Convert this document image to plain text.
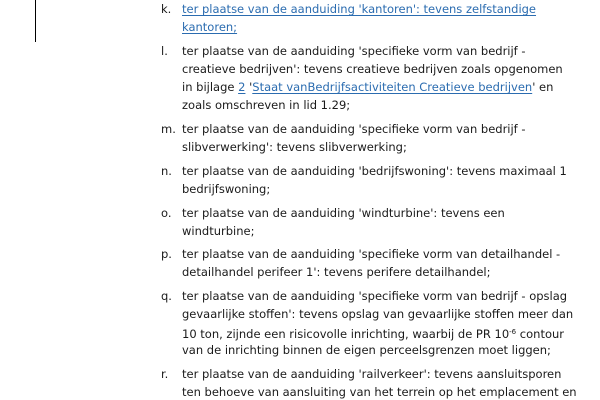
k. ter plaatse van de aanduiding 'kantoren': tevens zelfstandige
kantoren;
l. ter plaatse van de aanduiding 'specifieke vorm van bedrijf -
creatieve bedrijven': tevens creatieve bedrijven zoals opgenomen
in bijlage 2 'Staat vanBedrijfsactiviteiten Creatieve bedrijven' en
zoals omschreven in lid 1.29;
m. ter plaatse van de aanduiding 'specifieke vorm van bedrijf -
slibverwerking': tevens slibverwerking;
n. ter plaatse van de aanduiding 'bedrijfswoning': tevens maximaal 1
bedrijfswoning;
o. ter plaatse van de aanduiding 'windturbine': tevens een
windturbine;
p. ter plaatse van de aanduiding 'specifieke vorm van detailhandel -
detailhandel perifeer 1': tevens perifere detailhandel;
q. ter plaatse van de aanduiding 'specifieke vorm van bedrijf - opslag
gevaarlijke stoffen': tevens opslag van gevaarlijke stoffen meer dan
10 ton, zijnde een risicovolle inrichting, waarbij de PR $10^{-6}$ contour
van de inrichting binnen de eigen perceelsgrenzen moet liggen;
r. ter plaatse van de aanduiding 'railverkeer': tevens aansluitsporen
ten behoeve van aansluiting van het terrein op het emplacement en
